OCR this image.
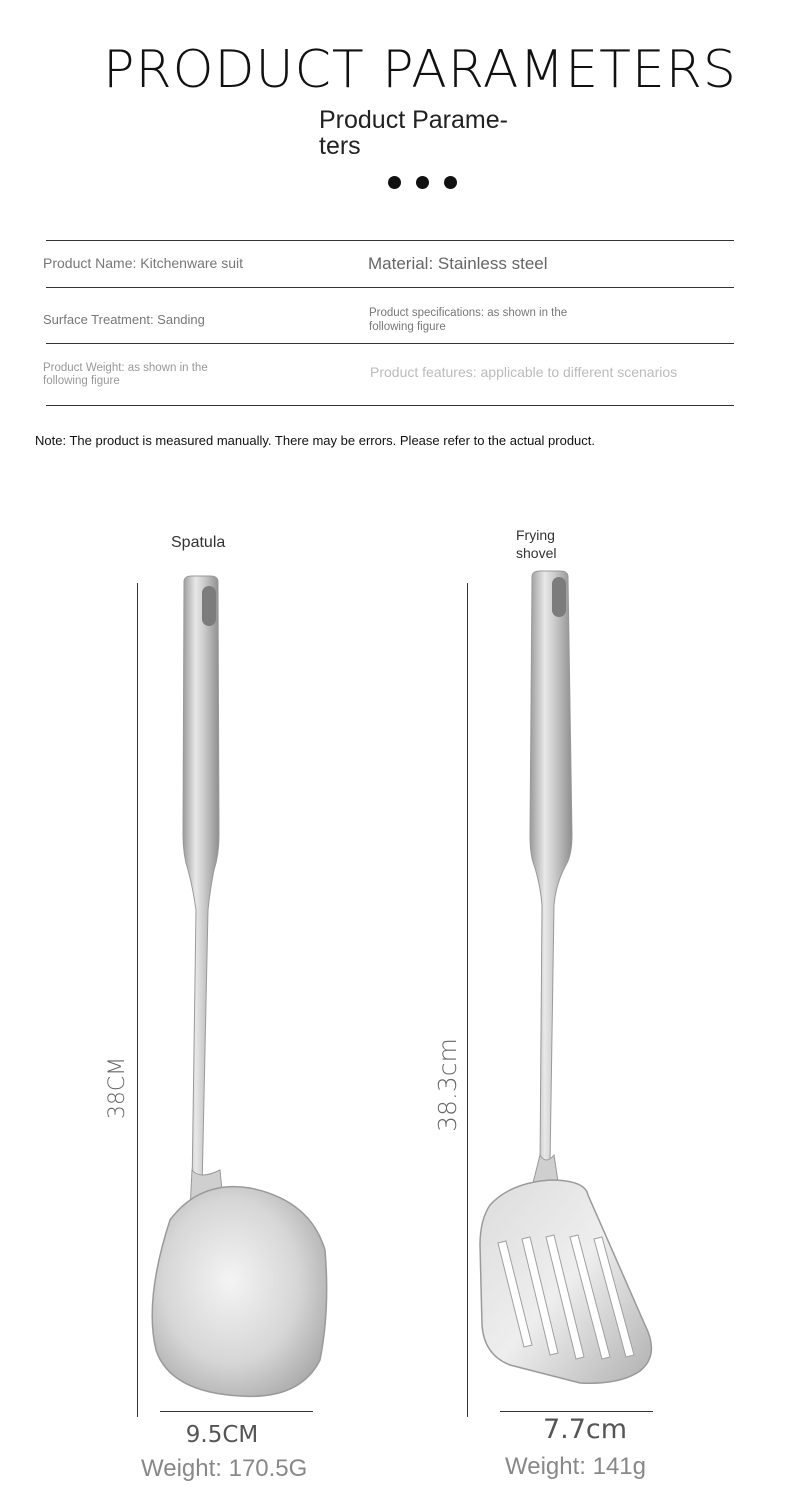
PRODUCT PARAMETERS
Product Parame-
ters
Product Name: Kitchenware suit	Material: Stainless steel
Surface Treatment: Sanding	Product specifications: as shown in the
following figure
Product Weight: as shown in the
following figure
Product features: applicable to different scenarios
Note: The product is measured manually. There may be errors. Please refer to the actual product.
Spatula
38CM
9.5CM
Weight: 170.5G
Frying
shovel
38.3cm
7.7cm
Weight: 141g
